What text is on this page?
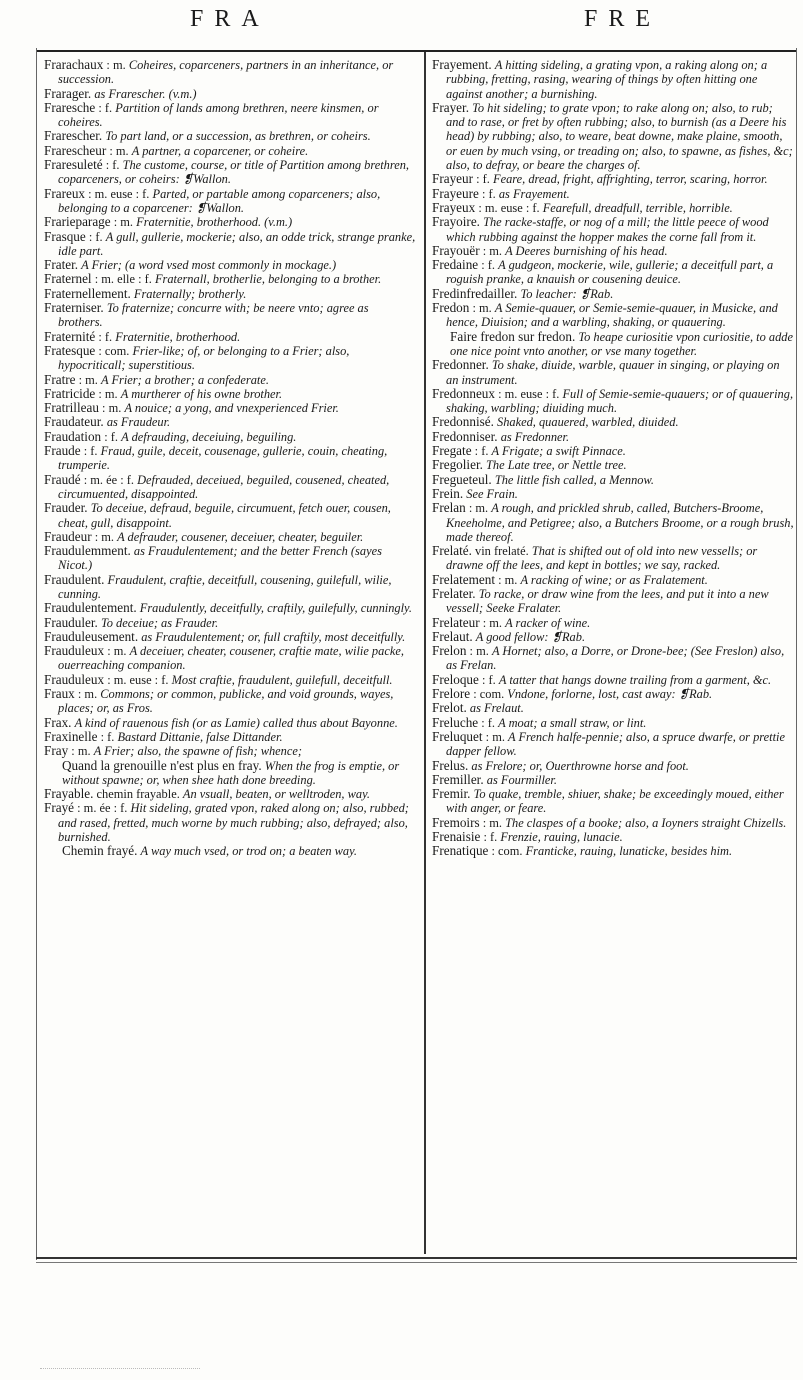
FRA	FRE

Frarachaux : m. Coheires, coparceners, partners in an inheritance, or succession.

Frarager. as Frarescher. (v.m.)

Fraresche : f. Partition of lands among brethren, neere kinsmen, or coheires.

Frarescher. To part land, or a succession, as brethren, or coheirs.

Frarescheur : m. A partner, a coparcener, or coheire.

Fraresuleté : f. The custome, course, or title of Partition among brethren, coparceners, or coheirs: ❡Wallon.

Frareux : m. euse : f. Parted, or partable among coparceners; also, belonging to a coparcener: ❡Wallon.

Frarieparage : m. Fraternitie, brotherhood. (v.m.)

Frasque : f. A gull, gullerie, mockerie; also, an odde trick, strange pranke, idle part.

Frater. A Frier; (a word vsed most commonly in mockage.)

Fraternel : m. elle : f. Fraternall, brotherlie, belonging to a brother.

Fraternellement. Fraternally; brotherly.

Fraterniser. To fraternize; concurre with; be neere vnto; agree as brothers.

Fraternité : f. Fraternitie, brotherhood.

Fratesque : com. Frier-like; of, or belonging to a Frier; also, hypocriticall; superstitious.

Fratre : m. A Frier; a brother; a confederate.

Fratricide : m. A murtherer of his owne brother.

Fratrilleau : m. A nouice; a yong, and vnexperienced Frier.

Fraudateur. as Fraudeur.

Fraudation : f. A defrauding, deceiuing, beguiling.

Fraude : f. Fraud, guile, deceit, cousenage, gullerie, couin, cheating, trumperie.

Fraudé : m. ée : f. Defrauded, deceiued, beguiled, cousened, cheated, circumuented, disappointed.

Frauder. To deceiue, defraud, beguile, circumuent, fetch ouer, cousen, cheat, gull, disappoint.

Fraudeur : m. A defrauder, cousener, deceiuer, cheater, beguiler.

Fraudulemment. as Fraudulentement; and the better French (sayes Nicot.)

Fraudulent. Fraudulent, craftie, deceitfull, cousening, guilefull, wilie, cunning.

Fraudulentement. Fraudulently, deceitfully, craftily, guilefully, cunningly.

Frauduler. To deceiue; as Frauder.

Frauduleusement. as Fraudulentement; or, full craftily, most deceitfully.

Frauduleux : m. A deceiuer, cheater, cousener, craftie mate, wilie packe, ouerreaching companion.

Frauduleux : m. euse : f. Most craftie, fraudulent, guilefull, deceitfull.

Fraux : m. Commons; or common, publicke, and void grounds, wayes, places; or, as Fros.

Frax. A kind of rauenous fish (or as Lamie) called thus about Bayonne.

Fraxinelle : f. Bastard Dittanie, false Dittander.

Fray : m. A Frier; also, the spawne of fish; whence;

Quand la grenouille n'est plus en fray. When the frog is emptie, or without spawne; or, when shee hath done breeding.

Frayable. chemin frayable. An vsuall, beaten, or welltroden, way.

Frayé : m. ée : f. Hit sideling, grated vpon, raked along on; also, rubbed; and rased, fretted, much worne by much rubbing; also, defrayed; also, burnished.

Chemin frayé. A way much vsed, or trod on; a beaten way.

Frayement. A hitting sideling, a grating vpon, a raking along on; a rubbing, fretting, rasing, wearing of things by often hitting one against another; a burnishing.

Frayer. To hit sideling; to grate vpon; to rake along on; also, to rub; and to rase, or fret by often rubbing; also, to burnish (as a Deere his head) by rubbing; also, to weare, beat downe, make plaine, smooth, or euen by much vsing, or treading on; also, to spawne, as fishes, &c; also, to defray, or beare the charges of.

Frayeur : f. Feare, dread, fright, affrighting, terror, scaring, horror.

Frayeure : f. as Frayement.

Frayeux : m. euse : f. Fearefull, dreadfull, terrible, horrible.

Frayoire. The racke-staffe, or nog of a mill; the little peece of wood which rubbing against the hopper makes the corne fall from it.

Frayouër : m. A Deeres burnishing of his head.

Fredaine : f. A gudgeon, mockerie, wile, gullerie; a deceitfull part, a roguish pranke, a knauish or cousening deuice.

Fredinfredailler. To leacher: ❡Rab.

Fredon : m. A Semie-quauer, or Semie-semie-quauer, in Musicke, and hence, Diuision; and a warbling, shaking, or quauering.

Faire fredon sur fredon. To heape curiositie vpon curiositie, to adde one nice point vnto another, or vse many together.

Fredonner. To shake, diuide, warble, quauer in singing, or playing on an instrument.

Fredonneux : m. euse : f. Full of Semie-semie-quauers; or of quauering, shaking, warbling; diuiding much.

Fredonnisé. Shaked, quauered, warbled, diuided.

Fredonniser. as Fredonner.

Fregate : f. A Frigate; a swift Pinnace.

Fregolier. The Late tree, or Nettle tree.

Fregueteul. The little fish called, a Mennow.

Frein. See Frain.

Frelan : m. A rough, and prickled shrub, called, Butchers-Broome, Kneeholme, and Petigree; also, a Butchers Broome, or a rough brush, made thereof.

Frelaté. vin frelaté. That is shifted out of old into new vessells; or drawne off the lees, and kept in bottles; we say, racked.

Frelatement : m. A racking of wine; or as Fralatement.

Frelater. To racke, or draw wine from the lees, and put it into a new vessell; Seeke Fralater.

Frelateur : m. A racker of wine.

Frelaut. A good fellow: ❡Rab.

Frelon : m. A Hornet; also, a Dorre, or Drone-bee; (See Freslon) also, as Frelan.

Freloque : f. A tatter that hangs downe trailing from a garment, &c.

Frelore : com. Vndone, forlorne, lost, cast away: ❡Rab.

Frelot. as Frelaut.

Freluche : f. A moat; a small straw, or lint.

Freluquet : m. A French halfe-pennie; also, a spruce dwarfe, or prettie dapper fellow.

Frelus. as Frelore; or, Ouerthrowne horse and foot.

Fremiller. as Fourmiller.

Fremir. To quake, tremble, shiuer, shake; be exceedingly moued, either with anger, or feare.

Fremoirs : m. The claspes of a booke; also, a Ioyners straight Chizells.

Frenaisie : f. Frenzie, rauing, lunacie.

Frenatique : com. Franticke, rauing, lunaticke, besides him.
